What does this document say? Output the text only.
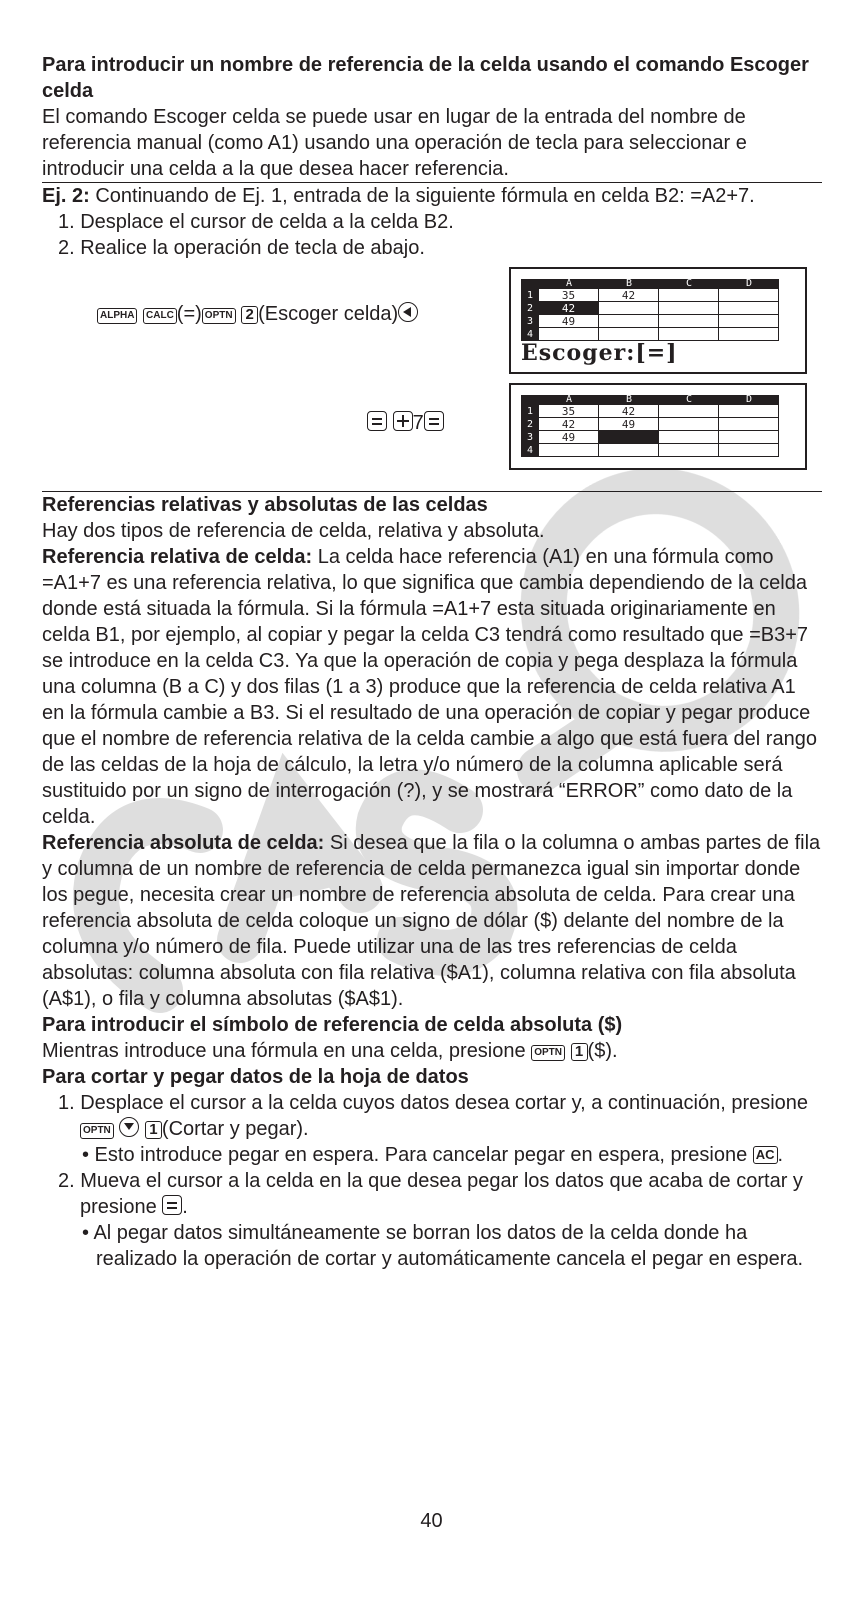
Para introducir un nombre de referencia de la celda usando el comando Escoger celda

El comando Escoger celda se puede usar en lugar de la entrada del nombre de referencia manual (como A1) usando una operación de tecla para seleccionar e introducir una celda a la que desea hacer referencia.

Ej. 2: Continuando de Ej. 1, entrada de la siguiente fórmula en celda B2: =A2+7.

1. Desplace el cursor de celda a la celda B2.

2. Realice la operación de tecla de abajo.

ALPHA CALC (=) OPTN 2 (Escoger celda)

7
A	B	C	D
1	35	42
2	42
3	49
4
Escoger:[=]
A	B	C	D
1	35	42
2	42	49
3	49
4

Referencias relativas y absolutas de las celdas

Hay dos tipos de referencia de celda, relativa y absoluta.

Referencia relativa de celda: La celda hace referencia (A1) en una fórmula como =A1+7 es una referencia relativa, lo que significa que cambia dependiendo de la celda donde está situada la fórmula. Si la fórmula =A1+7 esta situada originariamente en celda B1, por ejemplo, al copiar y pegar la celda C3 tendrá como resultado que =B3+7 se introduce en la celda C3. Ya que la operación de copia y pega desplaza la fórmula una columna (B a C) y dos filas (1 a 3) produce que la referencia de celda relativa A1 en la fórmula cambie a B3. Si el resultado de una operación de copiar y pegar produce que el nombre de referencia relativa de la celda cambie a algo que está fuera del rango de las celdas de la hoja de cálculo, la letra y/o número de la columna aplicable será sustituido por un signo de interrogación (?), y se mostrará “ERROR” como dato de la celda.

Referencia absoluta de celda: Si desea que la fila o la columna o ambas partes de fila y columna de un nombre de referencia de celda permanezca igual sin importar donde los pegue, necesita crear un nombre de referencia absoluta de celda. Para crear una referencia absoluta de celda coloque un signo de dólar ($) delante del nombre de la columna y/o número de fila. Puede utilizar una de las tres referencias de celda absolutas: columna absoluta con fila relativa ($A1), columna relativa con fila absoluta (A$1), o fila y columna absolutas ($A$1).

Para introducir el símbolo de referencia de celda absoluta ($)

Mientras introduce una fórmula en una celda, presione OPTN 1 ($).

Para cortar y pegar datos de la hoja de datos

1. Desplace el cursor a la celda cuyos datos desea cortar y, a continuación, presione OPTN	1 (Cortar y pegar).

• Esto introduce pegar en espera. Para cancelar pegar en espera, presione AC .

2. Mueva el cursor a la celda en la que desea pegar los datos que acaba de cortar y presione
.

• Al pegar datos simultáneamente se borran los datos de la celda donde ha realizado la operación de cortar y automáticamente cancela el pegar en espera.

40
